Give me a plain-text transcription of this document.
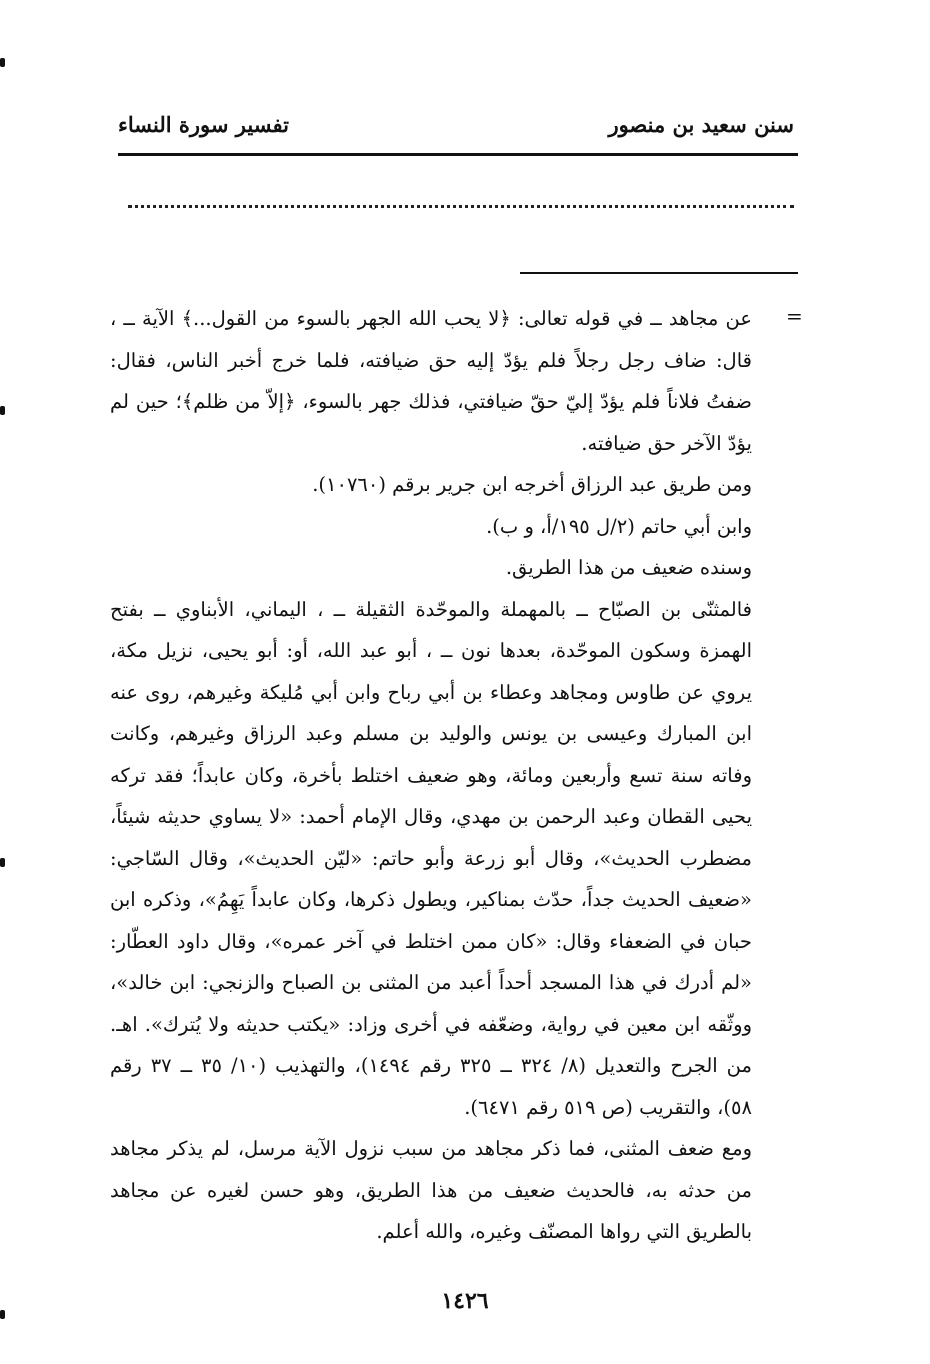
سنن سعيد بن منصور
تفسير سورة النساء
=

عن مجاهد ــ في قوله تعالى: ﴿لا يحب الله الجهر بالسوء من القول...﴾ الآية ــ ، قال: ضاف رجل رجلاً فلم يؤدّ إليه حق ضيافته، فلما خرج أخبر الناس، فقال: ضفتُ فلاناً فلم يؤدّ إليّ حقّ ضيافتي، فذلك جهر بالسوء، ﴿إلاّ من ظلم﴾؛ حين لم يؤدّ الآخر حق ضيافته.

ومن طريق عبد الرزاق أخرجه ابن جرير برقم (١٠٧٦٠).

وابن أبي حاتم (٢/ل ١٩٥/أ، و ب).

وسنده ضعيف من هذا الطريق.

فالمثنّى بن الصبّاح ــ بالمهملة والموحّدة الثقيلة ــ ، اليماني، الأبناوي ــ بفتح الهمزة وسكون الموحّدة، بعدها نون ــ ، أبو عبد الله، أو: أبو يحيى، نزيل مكة، يروي عن طاوس ومجاهد وعطاء بن أبي رباح وابن أبي مُليكة وغيرهم، روى عنه ابن المبارك وعيسى بن يونس والوليد بن مسلم وعبد الرزاق وغيرهم، وكانت وفاته سنة تسع وأربعين ومائة، وهو ضعيف اختلط بأخرة، وكان عابداً؛ فقد تركه يحيى القطان وعبد الرحمن بن مهدي، وقال الإمام أحمد: «لا يساوي حديثه شيئاً، مضطرب الحديث»، وقال أبو زرعة وأبو حاتم: «ليّن الحديث»، وقال السّاجي: «ضعيف الحديث جداً، حدّث بمناكير، ويطول ذكرها، وكان عابداً يَهِمُ»، وذكره ابن حبان في الضعفاء وقال: «كان ممن اختلط في آخر عمره»، وقال داود العطّار: «لم أدرك في هذا المسجد أحداً أعبد من المثنى بن الصباح والزنجي: ابن خالد»، ووثّقه ابن معين في رواية، وضعّفه في أخرى وزاد: «يكتب حديثه ولا يُترك». اهـ. من الجرح والتعديل (٨/ ٣٢٤ ــ ٣٢٥ رقم ١٤٩٤)، والتهذيب (١٠/ ٣٥ ــ ٣٧ رقم ٥٨)، والتقريب (ص ٥١٩ رقم ٦٤٧١).

ومع ضعف المثنى، فما ذكر مجاهد من سبب نزول الآية مرسل، لم يذكر مجاهد من حدثه به، فالحديث ضعيف من هذا الطريق، وهو حسن لغيره عن مجاهد بالطريق التي رواها المصنّف وغيره، والله أعلم.

١٤٢٦
